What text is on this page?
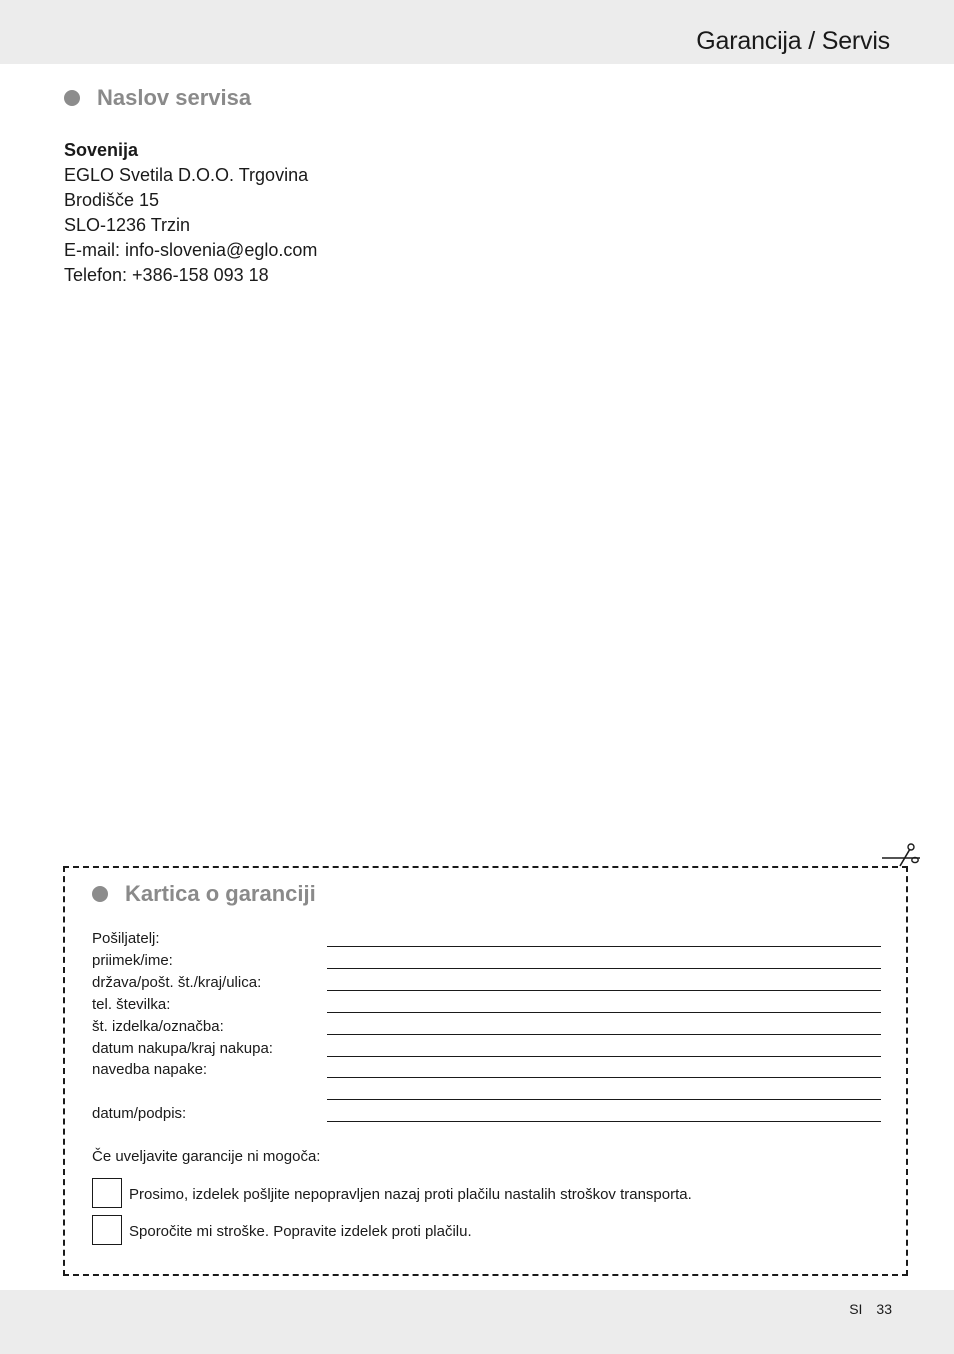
Garancija / Servis
Naslov servisa
Sovenija
EGLO Svetila D.O.O. Trgovina
Brodišče 15
SLO-1236 Trzin
E-mail: info-slovenia@eglo.com
Telefon: +386-158 093 18
Kartica o garanciji
Pošiljatelj:
priimek/ime:
država/pošt. št./kraj/ulica:
tel. številka:
št. izdelka/označba:
datum nakupa/kraj nakupa:
navedba napake:
datum/podpis:
Če uveljavite garancije ni mogoča:
Prosimo, izdelek pošljite nepopravljen nazaj proti plačilu nastalih stroškov transporta.
Sporočite mi stroške. Popravite izdelek proti plačilu.
SI 33
